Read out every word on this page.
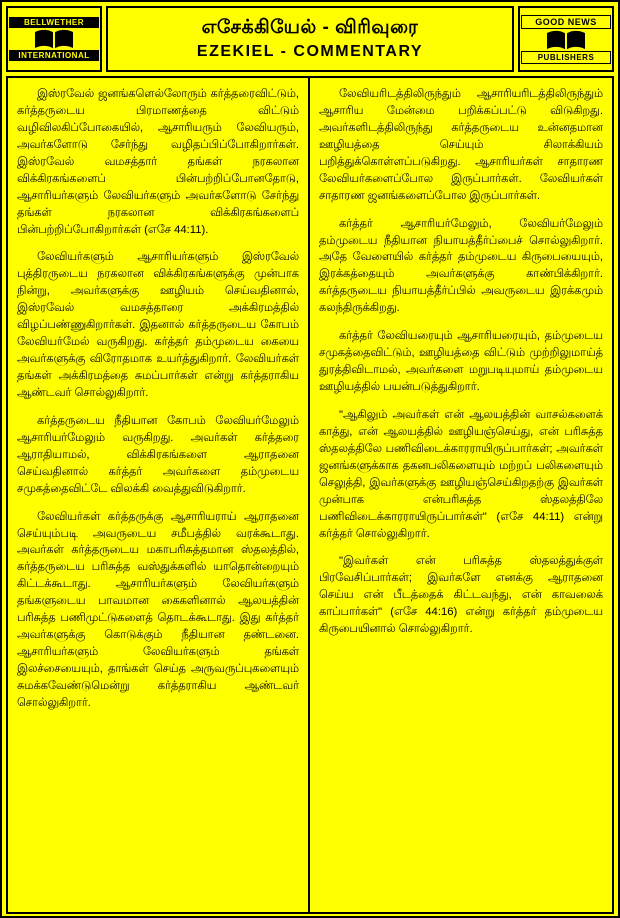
BELLWETHER
INTERNATIONAL
எசேக்கியேல் - விரிவுரை
EZEKIEL - COMMENTARY
GOOD NEWS
PUBLISHERS

இஸ்ரவேல் ஜனங்களெல்லோரும் கர்த்தரைவிட்டும், கர்த்தருடைய பிரமாணத்தை விட்டும் வழிவிலகிப்போகையில், ஆசாரியரும் லேவியரும், அவர்களோடு சேர்ந்து வழிதப்பிப்போகிறார்கள். இஸ்ரவேல் வமசத்தார் தங்கள் நரகலான விக்கிரகங்களைப் பின்பற்றிப்போனதோடு, ஆசாரியர்களும் லேவியர்களும் அவர்களோடு சேர்ந்து தங்கள் நரகலான விக்கிரகங்களைப் பின்பற்றிப்போகிறார்கள் (எசே 44:11).

லேவியர்களும் ஆசாரியர்களும் இஸ்ரவேல் புத்திரருடைய நரகலான விக்கிரகங்களுக்கு முன்பாக நின்று, அவர்களுக்கு ஊழியம் செய்வதினால், இஸ்ரவேல் வமசத்தாரை அக்கிரமத்தில் விழப்பண்ணுகிறார்கள். இதனால் கர்த்தருடைய கோபம் லேவியர்மேல் வருகிறது. கர்த்தர் தம்முடைய கையை அவர்களுக்கு விரோதமாக உயர்த்துகிறார். லேவியர்கள் தங்கள் அக்கிரமத்தை சுமப்பார்கள் என்று கர்த்தராகிய ஆண்டவர் சொல்லுகிறார்.

கர்த்தருடைய நீதியான கோபம் லேவியர்மேலும் ஆசாரியர்மேலும் வருகிறது. அவர்கள் கர்த்தரை ஆராதியாமல், விக்கிரகங்களை ஆராதனை செய்வதினால் கர்த்தர் அவர்களை தம்முடைய சமுகத்தைவிட்டே விலக்கி வைத்துவிடுகிறார்.

லேவியர்கள் கர்த்தருக்கு ஆசாரியராய் ஆராதனை செய்யும்படி அவருடைய சமீபத்தில் வரக்கூடாது. அவர்கள் கர்த்தருடைய மகாபரிசுத்தமான ஸ்தலத்தில், கர்த்தருடைய பரிசுத்த வஸ்துக்களில் யாதொன்றையும் கிட்டக்கூடாது. ஆசாரியர்களும் லேவியர்களும் தங்களுடைய பாவமான கைகளினால் ஆலயத்தின் பரிசுத்த பணிமுட்டுகளைத் தொடக்கூடாது. இது கர்த்தர் அவர்களுக்கு கொடுக்கும் நீதியான தண்டனை. ஆசாரியர்களும் லேவியர்களும் தங்கள் இலச்சையையும், தாங்கள் செய்த அருவருப்புகளையும் சுமக்கவேண்டுமென்று கர்த்தராகிய ஆண்டவர் சொல்லுகிறார்.

லேவியரிடத்திலிருந்தும் ஆசாரியரிடத்திலிருந்தும் ஆசாரிய மேன்மை பறிக்கப்பட்டு விடுகிறது. அவர்களிடத்திலிருந்து கர்த்தருடைய உன்னதமான ஊழியத்தை செய்யும் சிலாக்கியம் பறித்துக்கொள்ளப்படுகிறது. ஆசாரியர்கள் சாதாரண லேவியர்களைப்போல இருப்பார்கள். லேவியர்கள் சாதாரண ஜனங்களைப்போல இருப்பார்கள்.

கர்த்தர் ஆசாரியர்மேலும், லேவியர்மேலும் தம்முடைய நீதியான நியாயத்தீர்ப்பைச் சொல்லுகிறார். அதே வேளையில் கர்த்தர் தம்முடைய கிருபையையும், இரக்கத்தையும் அவர்களுக்கு காண்பிக்கிறார். கர்த்தருடைய நியாயத்தீர்ப்பில் அவருடைய இரக்கமும் கலந்திருக்கிறது.

கர்த்தர் லேவியரையும் ஆசாரியரையும், தம்முடைய சமுகத்தைவிட்டும், ஊழியத்தை விட்டும் முற்றிலுமாய்த் துரத்திவிடாமல், அவர்களை மறுபடியுமாய் தம்முடைய ஊழியத்தில் பயன்படுத்துகிறார்.

"ஆகிலும் அவர்கள் என் ஆலயத்தின் வாசல்களைக் காத்து, என் ஆலயத்தில் ஊழியஞ்செய்து, என் பரிசுத்த ஸ்தலத்திலே பணிவிடைக்காரராயிருப்பார்கள்; அவர்கள் ஜனங்களுக்காக தகனபலிகளையும் மற்றப் பலிகளையும் செலுத்தி, இவர்களுக்கு ஊழியஞ்செய்கிறதற்கு இவர்கள் முன்பாக என்பரிசுத்த ஸ்தலத்திலே பணிவிடைக்காரராயிருப்பார்கள்" (எசே 44:11) என்று கர்த்தர் சொல்லுகிறார்.

"இவர்கள் என் பரிசுத்த ஸ்தலத்துக்குள் பிரவேசிப்பார்கள்; இவர்களே எனக்கு ஆராதனை செய்ய என் பீடத்தைக் கிட்டவந்து, என் காவலைக் காப்பார்கள்" (எசே 44:16) என்று கர்த்தர் தம்முடைய கிருபையினால் சொல்லுகிறார்.
